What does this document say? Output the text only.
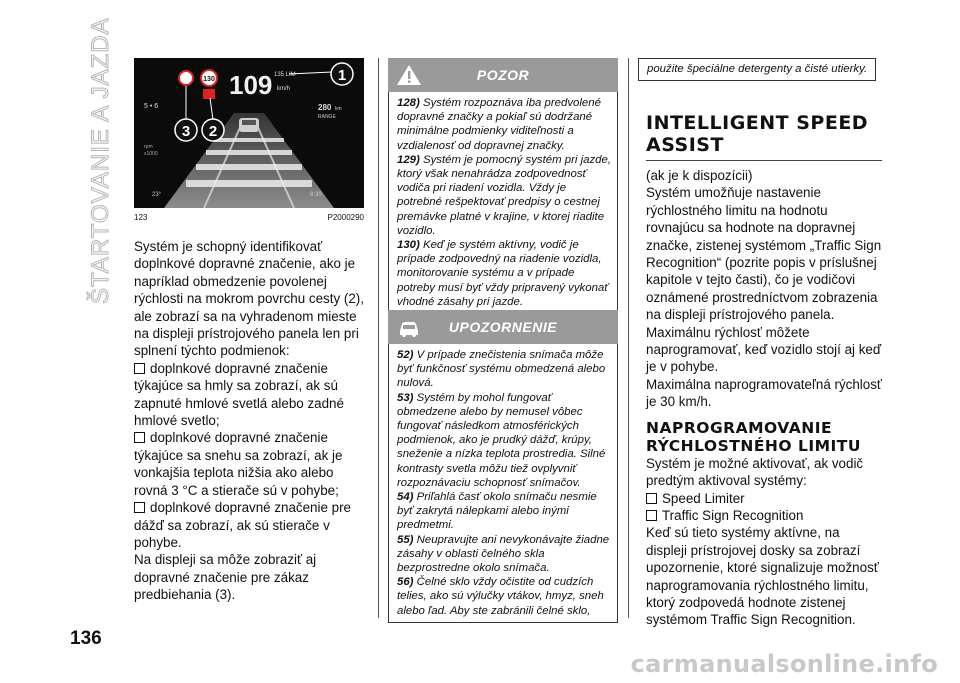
ŠTARTOVANIE A JAZDA	109 km/h
135 LIM
130
5 • 6
rpm
x1000
23°
280 km
RANGE
8:30
1
2
3
123	P2000290

Systém je schopný identifikovať doplnkové dopravné značenie, ako je napríklad obmedzenie povolenej rýchlosti na mokrom povrchu cesty (2), ale zobrazí sa na vyhradenom mieste na displeji prístrojového panela len pri splnení týchto podmienok:

doplnkové dopravné značenie týkajúce sa hmly sa zobrazí, ak sú zapnuté hmlové svetlá alebo zadné hmlové svetlo;

doplnkové dopravné značenie týkajúce sa snehu sa zobrazí, ak je vonkajšia teplota nižšia ako alebo rovná 3 °C a stierače sú v pohybe;

doplnkové dopravné značenie pre dážď sa zobrazí, ak sú stierače v pohybe.

Na displeji sa môže zobraziť aj dopravné značenie pre zákaz predbiehania (3).

POZOR

128) Systém rozpoznáva iba predvolené dopravné značky a pokiaľ sú dodržané minimálne podmienky viditeľnosti a vzdialenosť od dopravnej značky.

129) Systém je pomocný systém pri jazde, ktorý však nenahrádza zodpovednosť vodiča pri riadení vozidla. Vždy je potrebné rešpektovať predpisy o cestnej premávke platné v krajine, v ktorej riadite vozidlo.

130) Keď je systém aktívny, vodič je prípade zodpovedný na riadenie vozidla, monitorovanie systému a v prípade potreby musí byť vždy pripravený vykonať vhodné zásahy pri jazde.

UPOZORNENIE

52) V prípade znečistenia snímača môže byť funkčnosť systému obmedzená alebo nulová.

53) Systém by mohol fungovať obmedzene alebo by nemusel vôbec fungovať následkom atmosférických podmienok, ako je prudký dážď, krúpy, sneženie a nízka teplota prostredia. Silné kontrasty svetla môžu tiež ovplyvniť rozpoznávaciu schopnosť snímačov.

54) Priľahlá časť okolo snímaču nesmie byť zakrytá nálepkami alebo inými predmetmi.

55) Neupravujte ani nevykonávajte žiadne zásahy v oblasti čelného skla bezprostredne okolo snímača.

56) Čelné sklo vždy očistite od cudzích telies, ako sú výlučky vtákov, hmyz, sneh alebo ľad. Aby ste zabránili čelné sklo,

použite špeciálne detergenty a čisté utierky.
INTELLIGENT SPEED
ASSIST

(ak je k dispozícii)

Systém umožňuje nastavenie rýchlostného limitu na hodnotu rovnajúcu sa hodnote na dopravnej značke, zistenej systémom „Traffic Sign Recognition“ (pozrite popis v príslušnej kapitole v tejto časti), čo je vodičovi oznámené prostredníctvom zobrazenia na displeji prístrojového panela.

Maximálnu rýchlosť môžete naprogramovať, keď vozidlo stojí aj keď je v pohybe.

Maximálna naprogramovateľná rýchlosť je 30 km/h.

NAPROGRAMOVANIE
RÝCHLOSTNÉHO LIMITU

Systém je možné aktivovať, ak vodič predtým aktivoval systémy:

Speed Limiter

Traffic Sign Recognition

Keď sú tieto systémy aktívne, na displeji prístrojovej dosky sa zobrazí upozornenie, ktoré signalizuje možnosť naprogramovania rýchlostného limitu, ktorý zodpovedá hodnote zistenej systémom Traffic Sign Recognition.

136
carmanualsonline.info
